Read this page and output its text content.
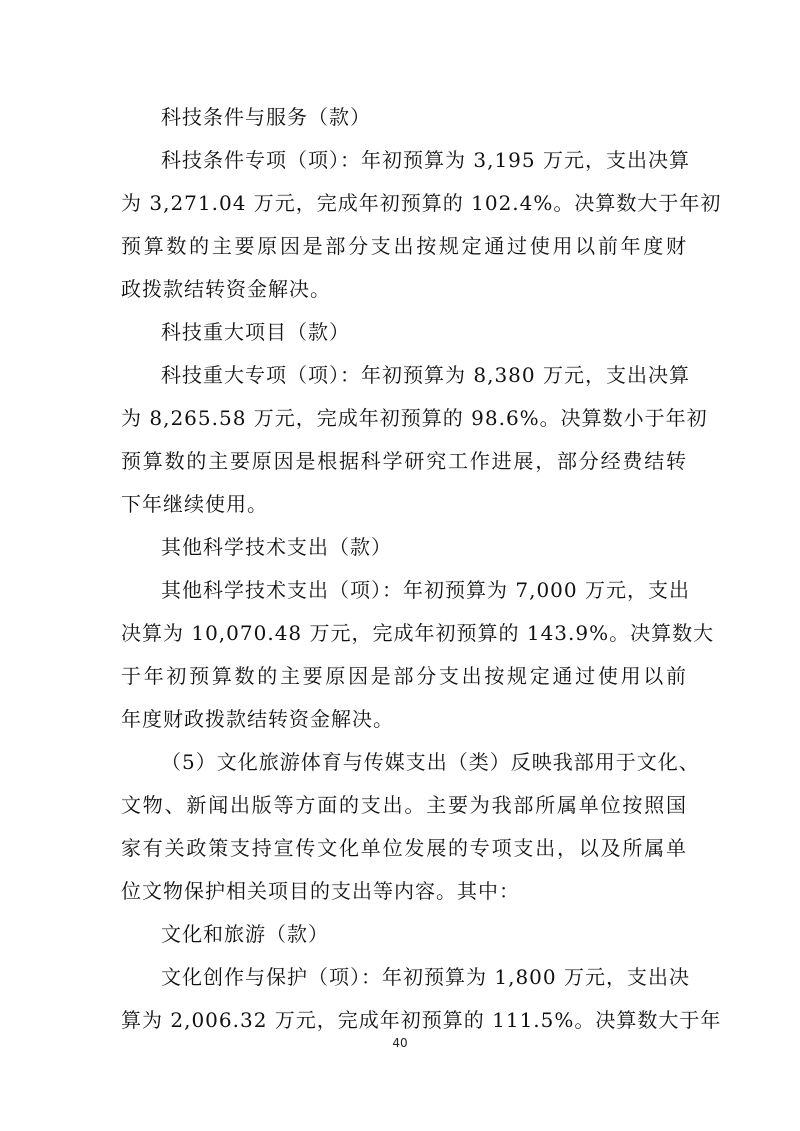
科技条件与服务（款）
科技条件专项（项）：年初预算为 3,195 万元，支出决算
为 3,271.04 万元，完成年初预算的 102.4%。决算数大于年初
预算数的主要原因是部分支出按规定通过使用以前年度财
政拨款结转资金解决。
科技重大项目（款）
科技重大专项（项）：年初预算为 8,380 万元，支出决算
为 8,265.58 万元，完成年初预算的 98.6%。决算数小于年初
预算数的主要原因是根据科学研究工作进展，部分经费结转
下年继续使用。
其他科学技术支出（款）
其他科学技术支出（项）：年初预算为 7,000 万元，支出
决算为 10,070.48 万元，完成年初预算的 143.9%。决算数大
于年初预算数的主要原因是部分支出按规定通过使用以前
年度财政拨款结转资金解决。
（5）文化旅游体育与传媒支出（类）反映我部用于文化、
文物、新闻出版等方面的支出。主要为我部所属单位按照国
家有关政策支持宣传文化单位发展的专项支出，以及所属单
位文物保护相关项目的支出等内容。其中：
文化和旅游（款）
文化创作与保护（项）：年初预算为 1,800 万元，支出决
算为 2,006.32 万元，完成年初预算的 111.5%。决算数大于年
40
